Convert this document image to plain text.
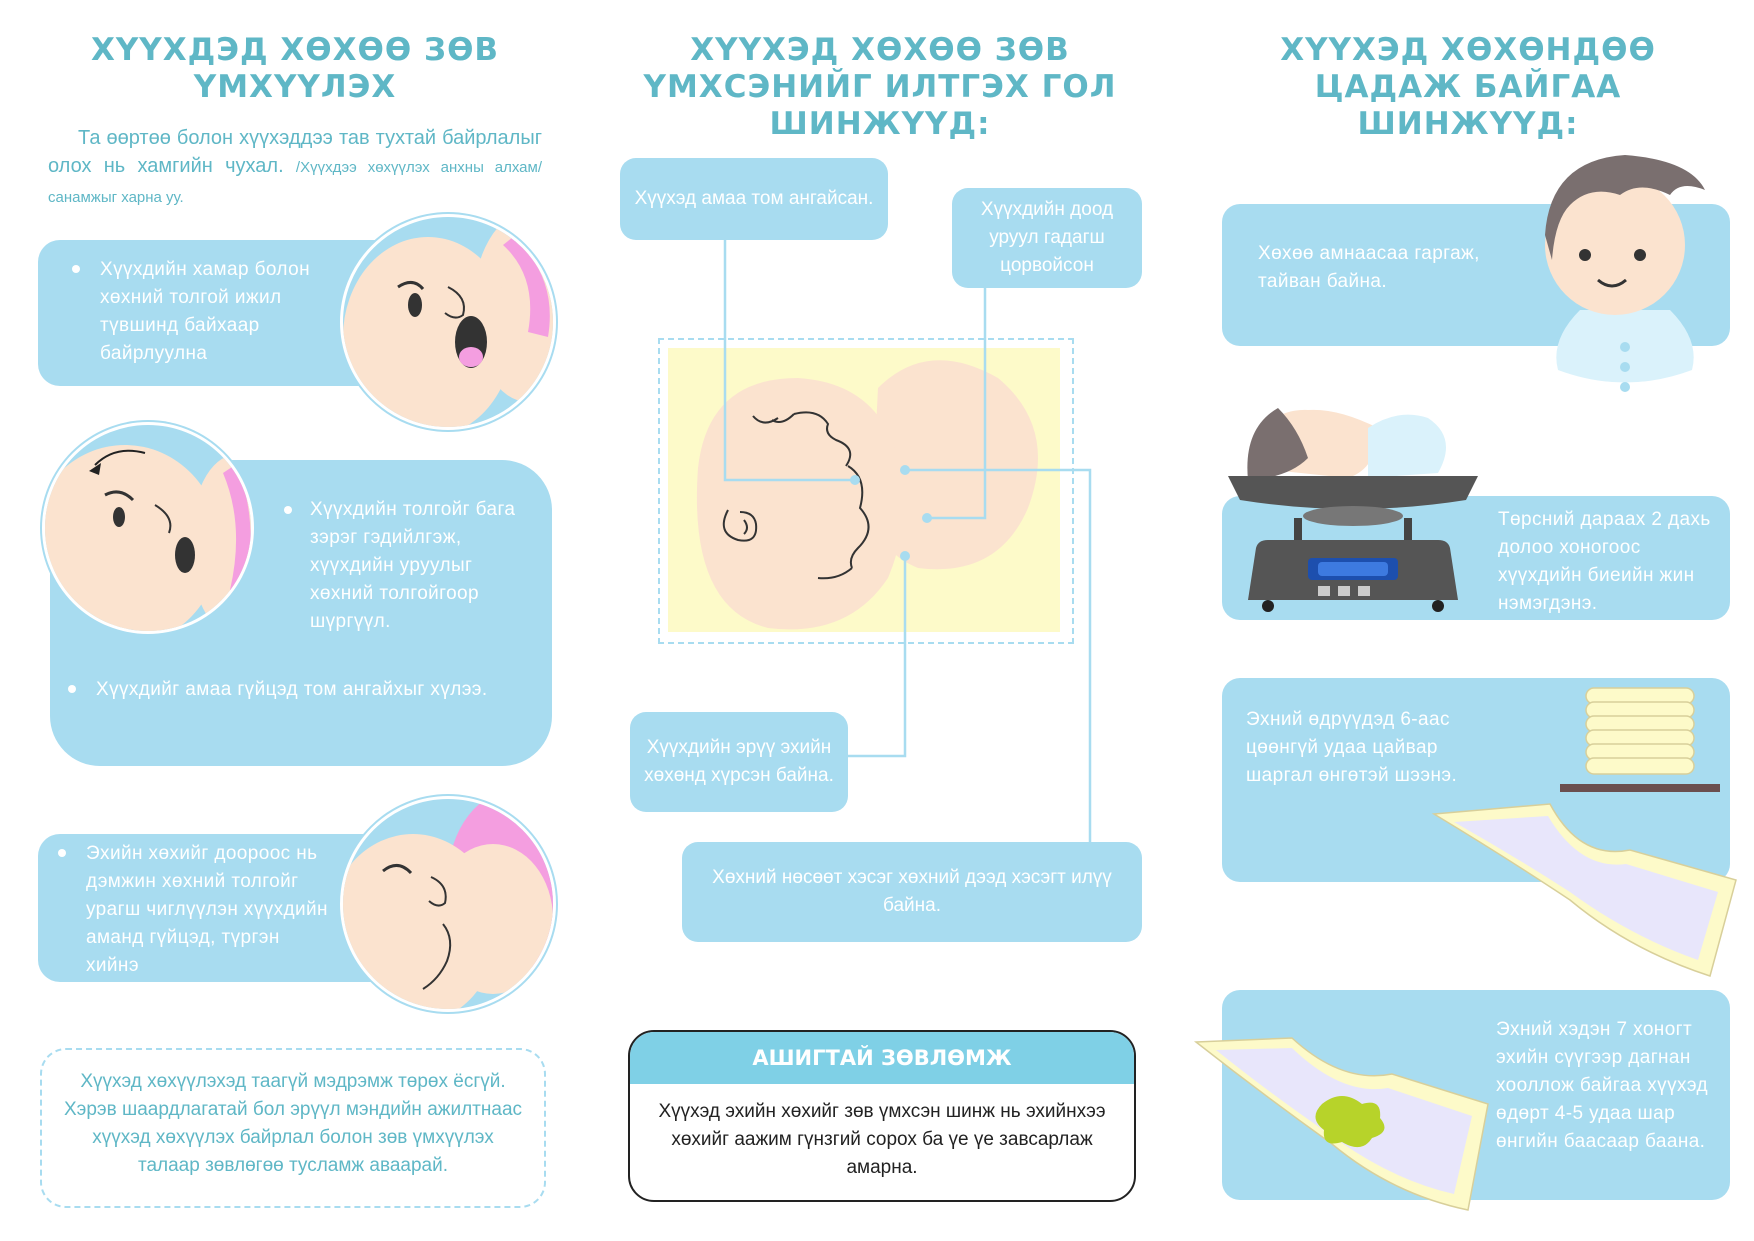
ХҮҮХДЭД ХӨХӨӨ ЗӨВ ҮМХҮҮЛЭХ

Та өөртөө болон хүүхэддээ тав тухтай байрлалыг олох нь хамгийн чухал. /Хүүхдээ хөхүүлэх анхны алхам/ санамжыг харна уу.

Хүүхдийн хамар болон хөхний толгой ижил түвшинд байхаар байрлуулна

Хүүхдийн толгойг бага зэрэг гэдийлгэж, хүүхдийн уруулыг хөхний толгойгоор шүргүүл.

Хүүхдийг амаа гүйцэд том ангайхыг хүлээ.

Эхийн хөхийг доороос нь дэмжин хөхний толгойг урагш чиглүүлэн хүүхдийн аманд гүйцэд, түргэн хийнэ

Хүүхэд хөхүүлэхэд таагүй мэдрэмж төрөх ёсгүй. Хэрэв шаардлагатай бол эрүүл мэндийн ажилтнаас хүүхэд хөхүүлэх байрлал болон зөв үмхүүлэх талаар зөвлөгөө тусламж аваарай.
ХҮҮХЭД ХӨХӨӨ ЗӨВ ҮМХСЭНИЙГ ИЛТГЭХ ГОЛ ШИНЖҮҮД:
Хүүхэд амаа том ангайсан.
Хүүхдийн доод уруул гадагш цорвойсон
Хүүхдийн эрүү эхийн хөхөнд хүрсэн байна.
Хөхний нөсөөт хэсэг хөхний дээд хэсэгт илүү байна.
АШИГТАЙ ЗӨВЛӨМЖ

Хүүхэд эхийн хөхийг зөв үмхсэн шинж нь эхийнхээ хөхийг аажим гүнзгий сорох ба үе үе завсарлаж амарна.

ХҮҮХЭД ХӨХӨНДӨӨ ЦАДАЖ БАЙГАА ШИНЖҮҮД:

Хөхөө амнаасаа гаргаж, тайван байна.

Төрсний дараах 2 дахь долоо хоногоос хүүхдийн биеийн жин нэмэгдэнэ.

Эхний өдрүүдэд 6-аас цөөнгүй удаа цайвар шаргал өнгөтэй шээнэ.

Эхний хэдэн 7 хоногт эхийн сүүгээр дагнан хооллож байгаа хүүхэд өдөрт 4-5 удаа шар өнгийн баасаар баана.
